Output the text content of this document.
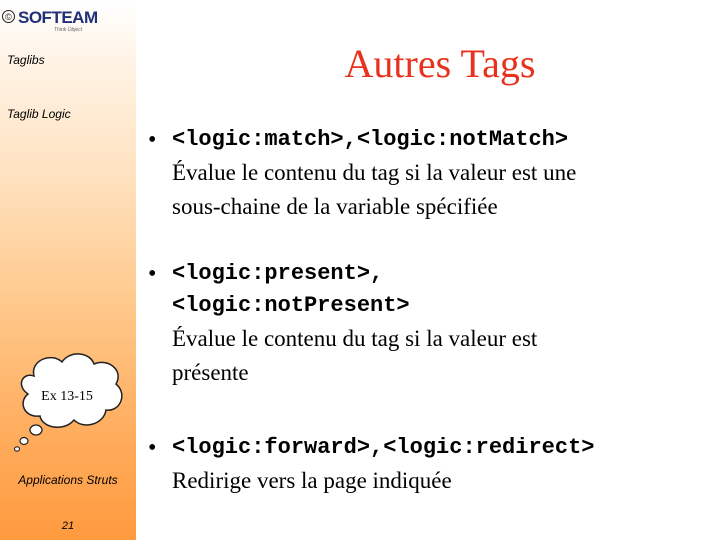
© SOFTEAM
Think Object
Taglibs
Taglib Logic
Ex 13-15
Applications Struts
21
Autres Tags
• <logic:match>,<logic:notMatch>
Évalue le contenu du tag si la valeur est une
sous-chaine de la variable spécifiée
• <logic:present>,
<logic:notPresent>
Évalue le contenu du tag si la valeur est
présente
• <logic:forward>,<logic:redirect>
Redirige vers la page indiquée
